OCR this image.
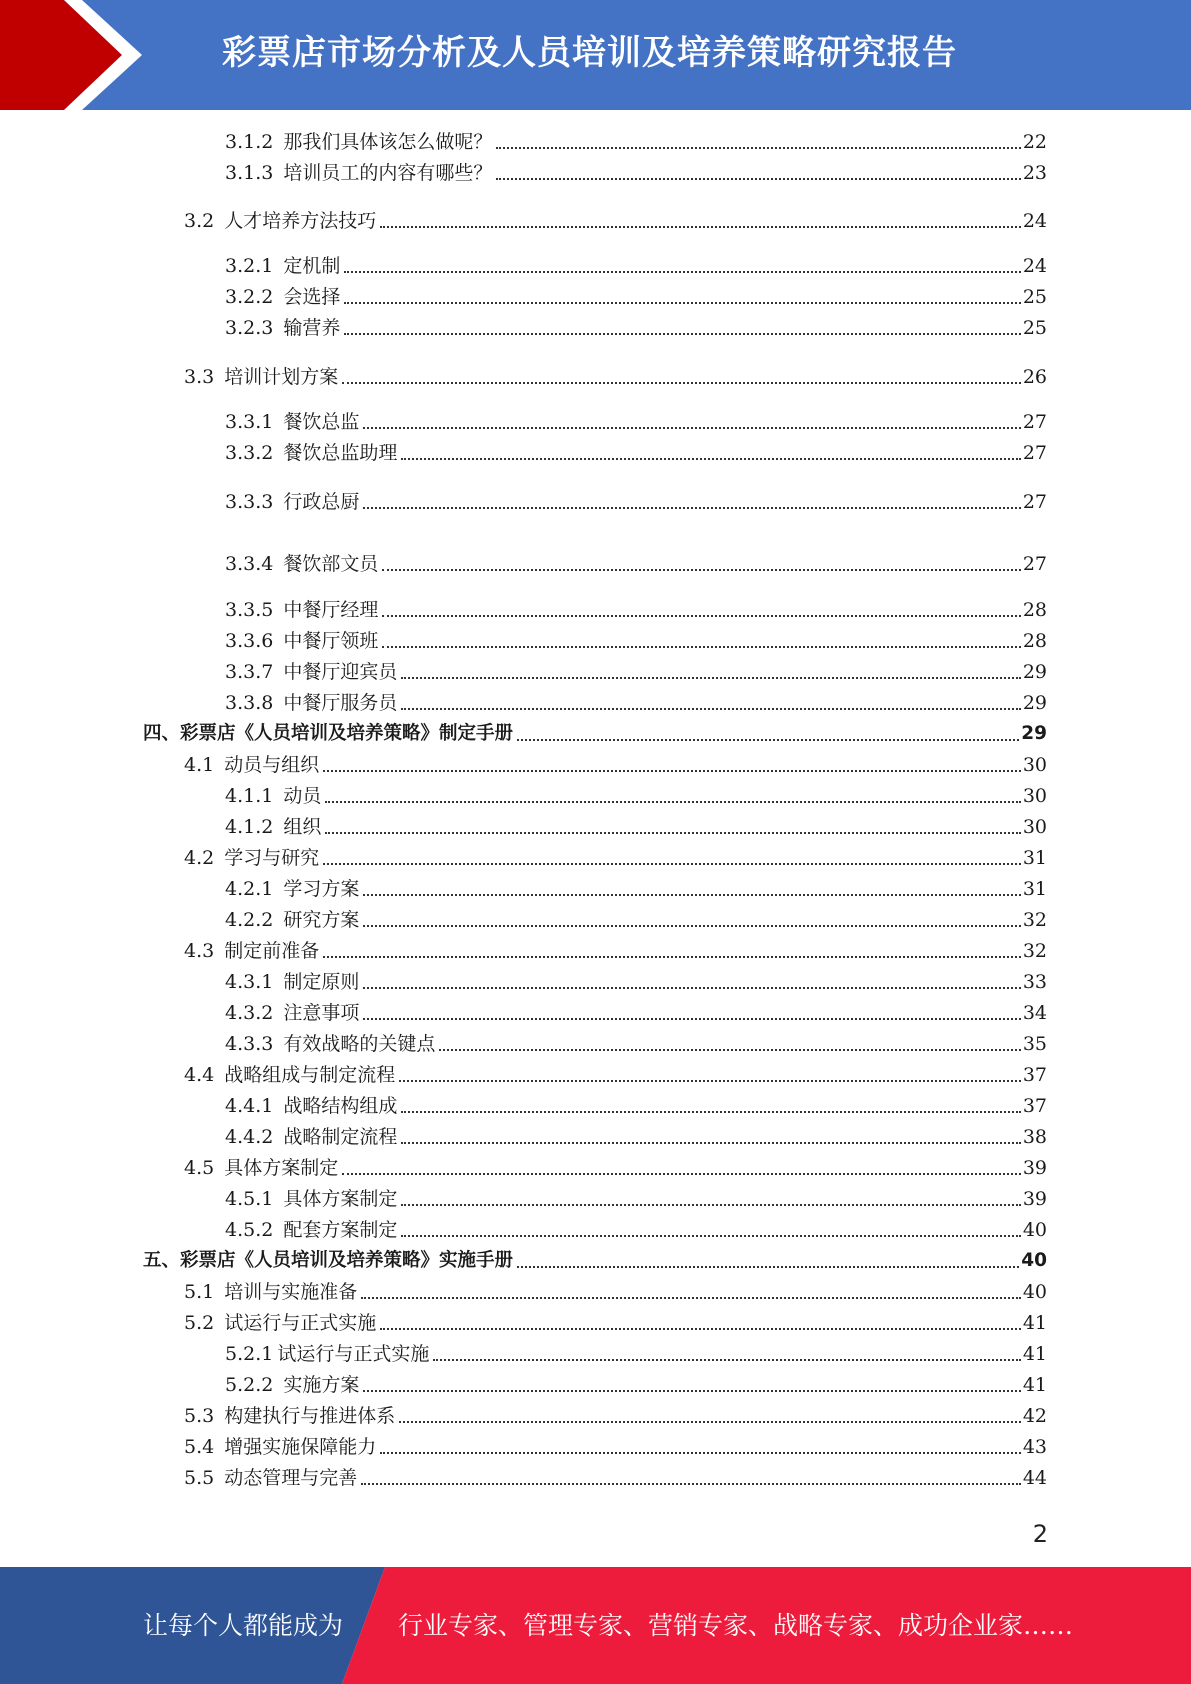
彩票店市场分析及人员培训及培养策略研究报告
3.1.2 那我们具体该怎么做呢？	22
3.1.3 培训员工的内容有哪些？	23
3.2 人才培养方法技巧	24
3.2.1 定机制	24
3.2.2 会选择	25
3.2.3 输营养	25
3.3 培训计划方案	26
3.3.1 餐饮总监	27
3.3.2 餐饮总监助理	27
3.3.3 行政总厨	27
3.3.4 餐饮部文员	27
3.3.5 中餐厅经理	28
3.3.6 中餐厅领班	28
3.3.7 中餐厅迎宾员	29
3.3.8 中餐厅服务员	29
四、 彩票店《人员培训及培养策略》制定手册	29
4.1 动员与组织	30
4.1.1 动员	30
4.1.2 组织	30
4.2 学习与研究	31
4.2.1 学习方案	31
4.2.2 研究方案	32
4.3 制定前准备	32
4.3.1 制定原则	33
4.3.2 注意事项	34
4.3.3 有效战略的关键点	35
4.4 战略组成与制定流程	37
4.4.1 战略结构组成	37
4.4.2 战略制定流程	38
4.5 具体方案制定	39
4.5.1 具体方案制定	39
4.5.2 配套方案制定	40
五、 彩票店《人员培训及培养策略》实施手册	40
5.1 培训与实施准备	40
5.2 试运行与正式实施	41
5.2.1 试运行与正式实施	41
5.2.2 实施方案	41
5.3 构建执行与推进体系	42
5.4 增强实施保障能力	43
5.5 动态管理与完善	44
2
让每个人都能成为 行业专家、管理专家、营销专家、战略专家、成功企业家……
